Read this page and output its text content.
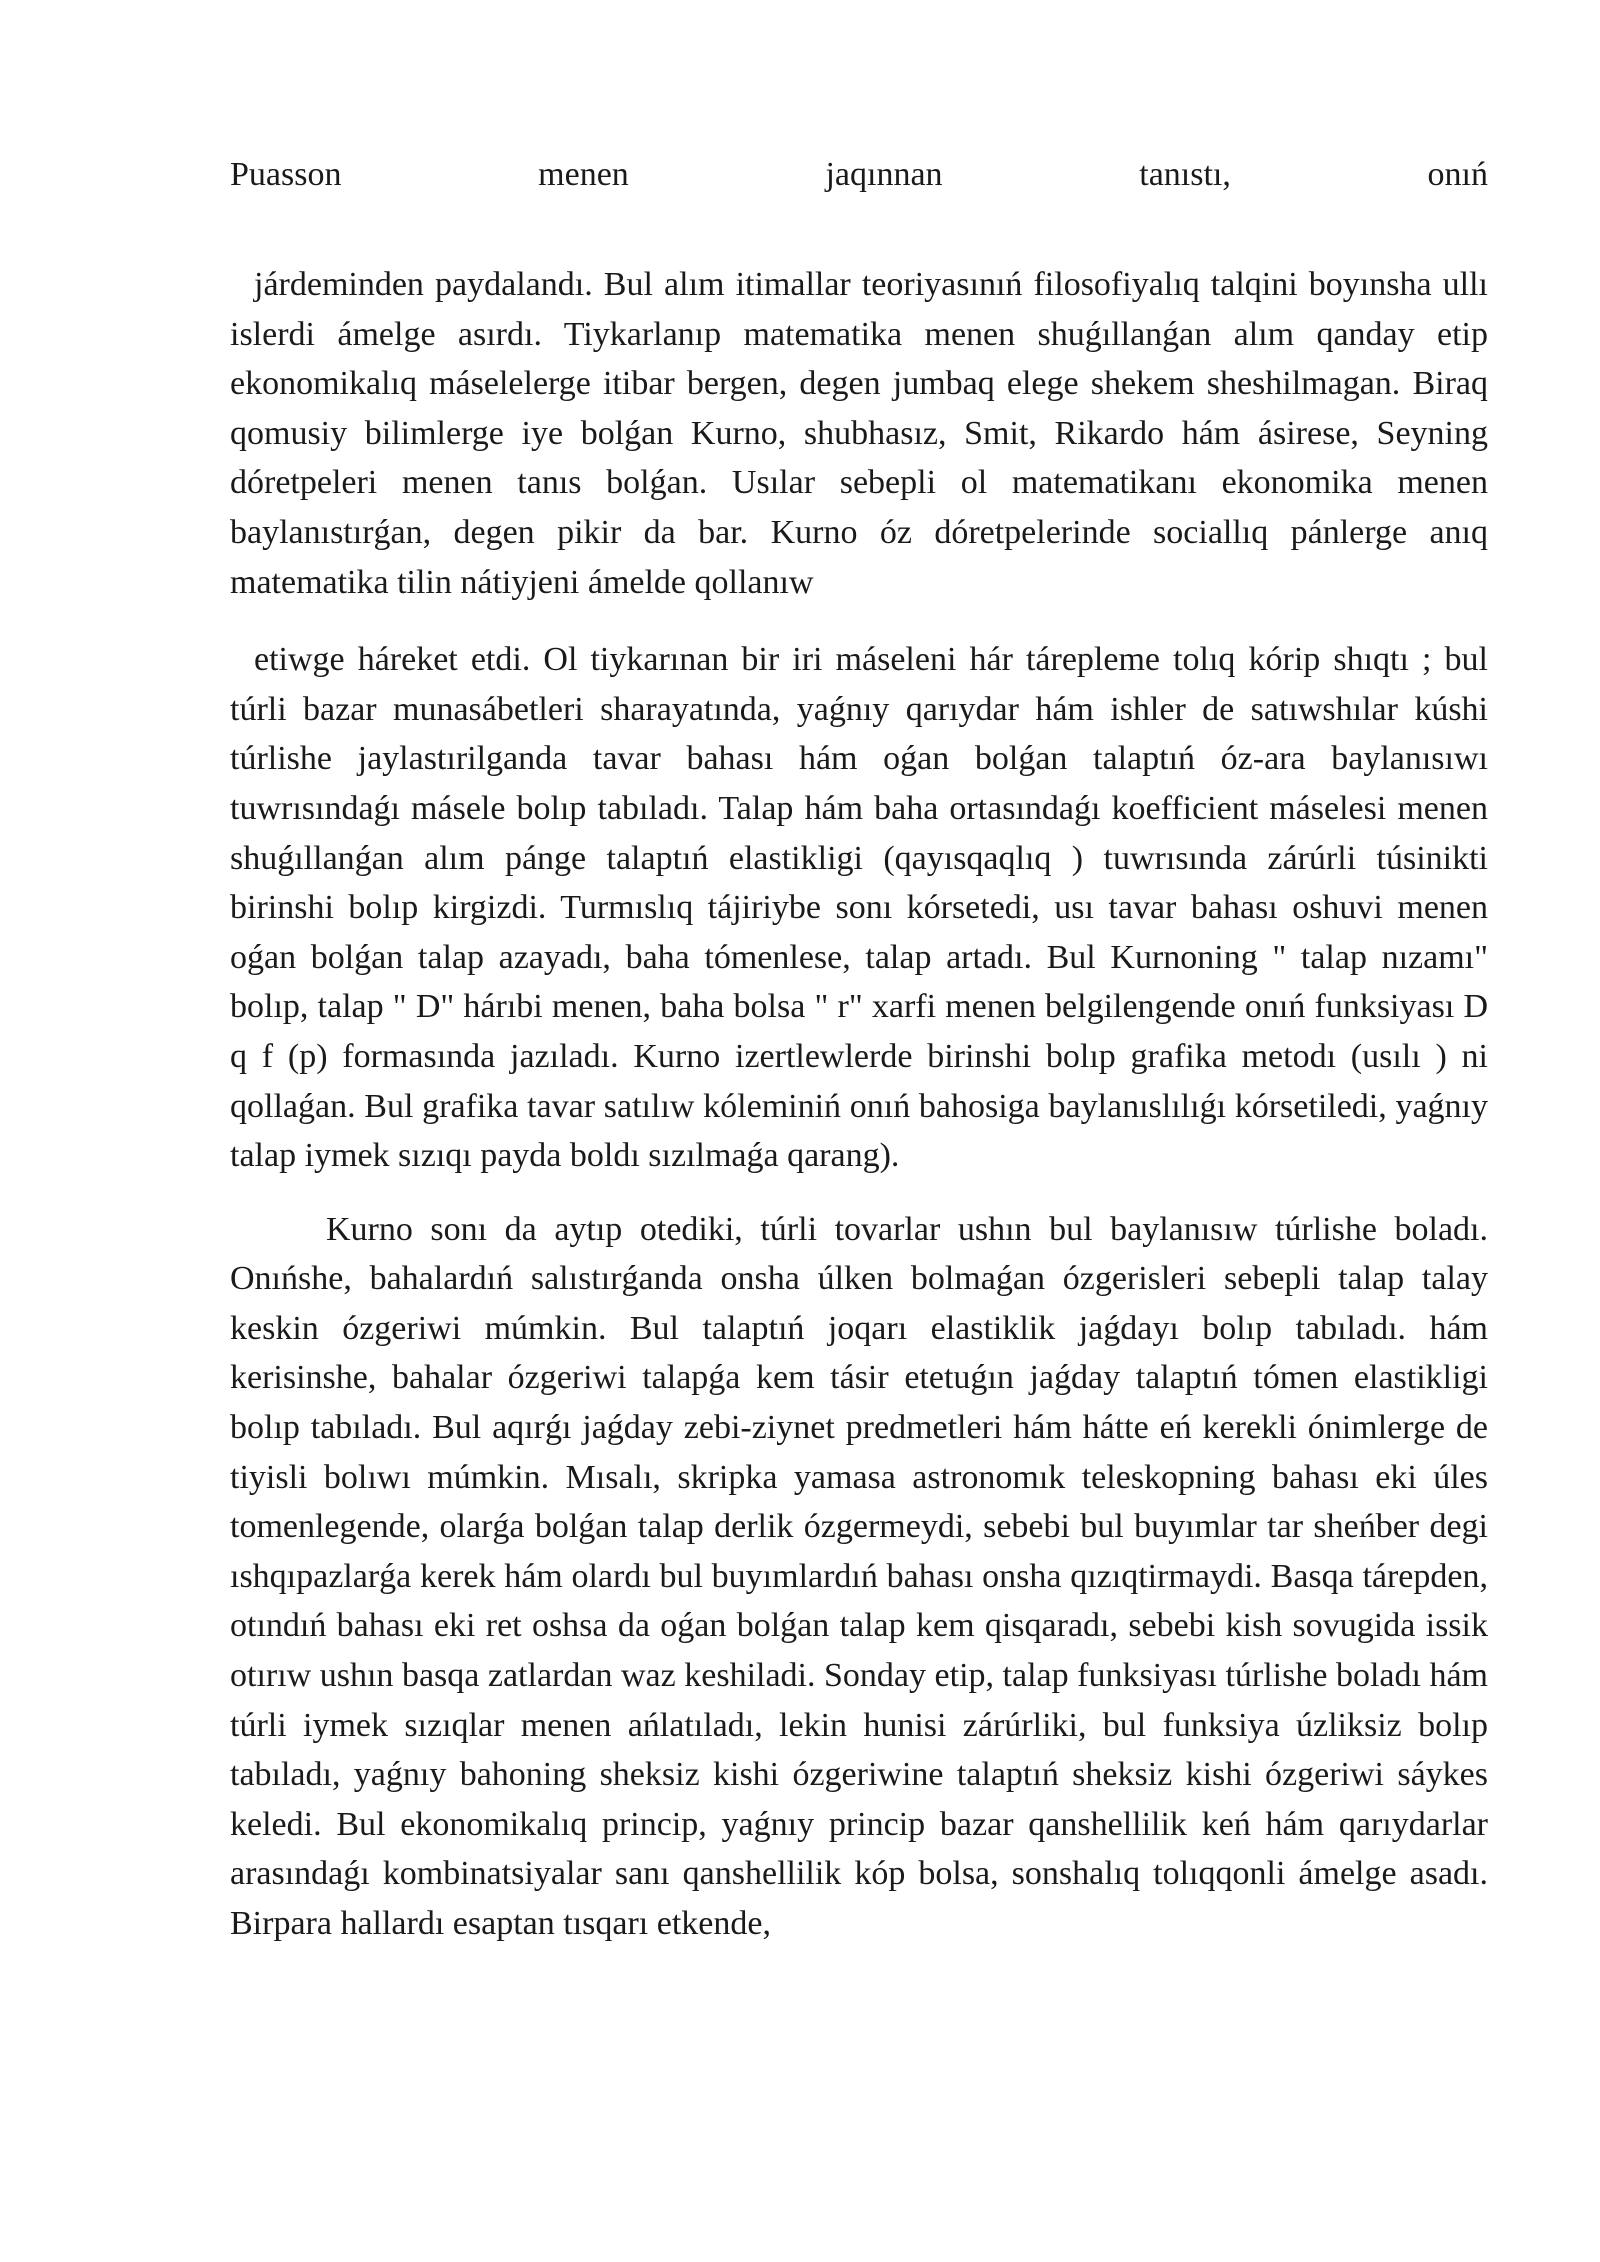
Puasson	menen	jaqınnan	tanıstı,	onıń

járdeminden paydalandı. Bul alım itimallar teoriyasınıń filosofiyalıq talqini boyınsha ullı islerdi ámelge asırdı. Tiykarlanıp matematika menen shuǵıllanǵan alım qanday etip ekonomikalıq máselelerge itibar bergen, degen jumbaq elege shekem sheshilmagan. Biraq qomusiy bilimlerge iye bolǵan Kurno, shubhasız, Smit, Rikardo hám ásirese, Seyning dóretpeleri menen tanıs bolǵan. Usılar sebepli ol matematikanı ekonomika menen baylanıstırǵan, degen pikir da bar. Kurno óz dóretpelerinde sociallıq pánlerge anıq matematika tilin nátiyjeni ámelde qollanıw

etiwge háreket etdi. Ol tiykarınan bir iri máseleni hár tárepleme tolıq kórip shıqtı ; bul túrli bazar munasábetleri sharayatında, yaǵnıy qarıydar hám ishler de satıwshılar kúshi túrlishe jaylastırilganda tavar bahası hám oǵan bolǵan talaptıń óz-ara baylanısıwı tuwrısındaǵı másele bolıp tabıladı. Talap hám baha ortasındaǵı koefficient máselesi menen shuǵıllanǵan alım pánge talaptıń elastikligi (qayısqaqlıq ) tuwrısında zárúrli túsinikti birinshi bolıp kirgizdi. Turmıslıq tájiriybe sonı kórsetedi, usı tavar bahası oshuvi menen oǵan bolǵan talap azayadı, baha tómenlese, talap artadı. Bul Kurnoning " talap nızamı" bolıp, talap " D" hárıbi menen, baha bolsa " r" xarfi menen belgilengende onıń funksiyası D q f (p) formasında jazıladı. Kurno izertlewlerde birinshi bolıp grafika metodı (usılı ) ni qollaǵan. Bul grafika tavar satılıw kóleminiń onıń bahosiga baylanıslılıǵı kórsetiledi, yaǵnıy talap iymek sızıqı payda boldı sızılmaǵa qarang).

Kurno sonı da aytıp otediki, túrli tovarlar ushın bul baylanısıw túrlishe boladı. Onıńshe, bahalardıń salıstırǵanda onsha úlken bolmaǵan ózgerisleri sebepli talap talay keskin ózgeriwi múmkin. Bul talaptıń joqarı elastiklik jaǵdayı bolıp tabıladı. hám kerisinshe, bahalar ózgeriwi talapǵa kem tásir etetuǵın jaǵday talaptıń tómen elastikligi bolıp tabıladı. Bul aqırǵı jaǵday zebi-ziynet predmetleri hám hátte eń kerekli ónimlerge de tiyisli bolıwı múmkin. Mısalı, skripka yamasa astronomık teleskopning bahası eki úles tomenlegende, olarǵa bolǵan talap derlik ózgermeydi, sebebi bul buyımlar tar sheńber degi ıshqıpazlarǵa kerek hám olardı bul buyımlardıń bahası onsha qızıqtirmaydi. Basqa tárepden, otındıń bahası eki ret oshsa da oǵan bolǵan talap kem qisqaradı, sebebi kish sovugida issik otırıw ushın basqa zatlardan waz keshiladi. Sonday etip, talap funksiyası túrlishe boladı hám túrli iymek sızıqlar menen ańlatıladı, lekin hunisi zárúrliki, bul funksiya úzliksiz bolıp tabıladı, yaǵnıy bahoning sheksiz kishi ózgeriwine talaptıń sheksiz kishi ózgeriwi sáykes keledi. Bul ekonomikalıq princip, yaǵnıy princip bazar qanshellilik keń hám qarıydarlar arasındaǵı kombinatsiyalar sanı qanshellilik kóp bolsa, sonshalıq tolıqqonli ámelge asadı. Birpara hallardı esaptan tısqarı etkende,
